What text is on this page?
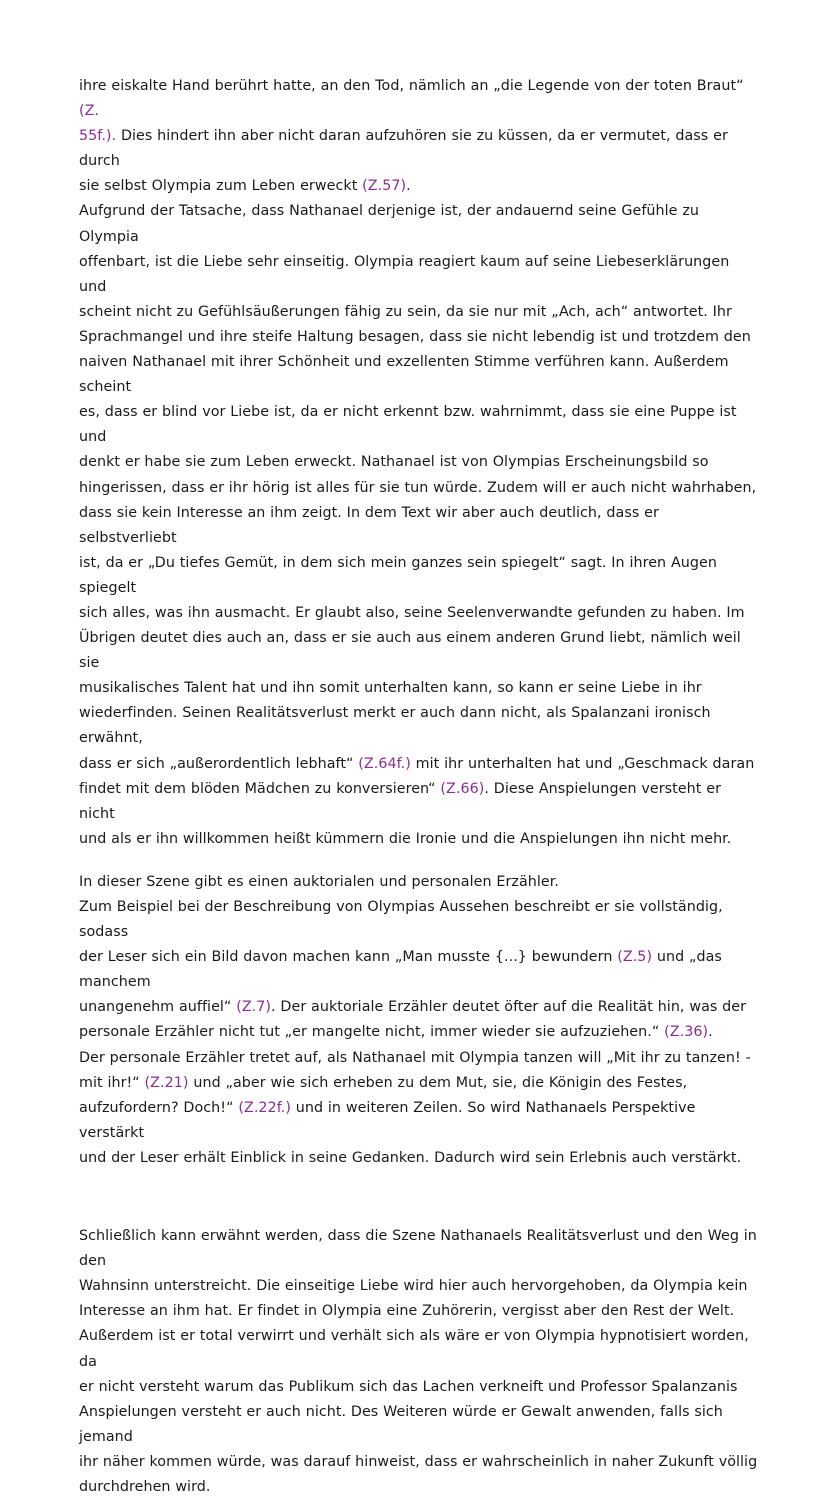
ihre eiskalte Hand berührt hatte, an den Tod, nämlich an „die Legende von der toten Braut“ (Z.
55f.). Dies hindert ihn aber nicht daran aufzuhören sie zu küssen, da er vermutet, dass er durch
sie selbst Olympia zum Leben erweckt (Z.57).
Aufgrund der Tatsache, dass Nathanael derjenige ist, der andauernd seine Gefühle zu Olympia
offenbart, ist die Liebe sehr einseitig. Olympia reagiert kaum auf seine Liebeserklärungen und
scheint nicht zu Gefühlsäußerungen fähig zu sein, da sie nur mit „Ach, ach“ antwortet. Ihr
Sprachmangel und ihre steife Haltung besagen, dass sie nicht lebendig ist und trotzdem den
naiven Nathanael mit ihrer Schönheit und exzellenten Stimme verführen kann. Außerdem scheint
es, dass er blind vor Liebe ist, da er nicht erkennt bzw. wahrnimmt, dass sie eine Puppe ist und
denkt er habe sie zum Leben erweckt. Nathanael ist von Olympias Erscheinungsbild so
hingerissen, dass er ihr hörig ist alles für sie tun würde. Zudem will er auch nicht wahrhaben,
dass sie kein Interesse an ihm zeigt. In dem Text wir aber auch deutlich, dass er selbstverliebt
ist, da er „Du tiefes Gemüt, in dem sich mein ganzes sein spiegelt“ sagt. In ihren Augen spiegelt
sich alles, was ihn ausmacht. Er glaubt also, seine Seelenverwandte gefunden zu haben. Im
Übrigen deutet dies auch an, dass er sie auch aus einem anderen Grund liebt, nämlich weil sie
musikalisches Talent hat und ihn somit unterhalten kann, so kann er seine Liebe in ihr
wiederfinden. Seinen Realitätsverlust merkt er auch dann nicht, als Spalanzani ironisch erwähnt,
dass er sich „außerordentlich lebhaft“ (Z.64f.) mit ihr unterhalten hat und „Geschmack daran
findet mit dem blöden Mädchen zu konversieren“ (Z.66). Diese Anspielungen versteht er nicht
und als er ihn willkommen heißt kümmern die Ironie und die Anspielungen ihn nicht mehr.

In dieser Szene gibt es einen auktorialen und personalen Erzähler.
Zum Beispiel bei der Beschreibung von Olympias Aussehen beschreibt er sie vollständig, sodass
der Leser sich ein Bild davon machen kann „Man musste {...} bewundern (Z.5) und „das manchem
unangenehm auffiel“ (Z.7). Der auktoriale Erzähler deutet öfter auf die Realität hin, was der
personale Erzähler nicht tut „er mangelte nicht, immer wieder sie aufzuziehen.“ (Z.36).
Der personale Erzähler tretet auf, als Nathanael mit Olympia tanzen will „Mit ihr zu tanzen! -
mit ihr!“ (Z.21) und „aber wie sich erheben zu dem Mut, sie, die Königin des Festes,
aufzufordern? Doch!“ (Z.22f.) und in weiteren Zeilen. So wird Nathanaels Perspektive verstärkt
und der Leser erhält Einblick in seine Gedanken. Dadurch wird sein Erlebnis auch verstärkt.

Schließlich kann erwähnt werden, dass die Szene Nathanaels Realitätsverlust und den Weg in den
Wahnsinn unterstreicht. Die einseitige Liebe wird hier auch hervorgehoben, da Olympia kein
Interesse an ihm hat. Er findet in Olympia eine Zuhörerin, vergisst aber den Rest der Welt.
Außerdem ist er total verwirrt und verhält sich als wäre er von Olympia hypnotisiert worden, da
er nicht versteht warum das Publikum sich das Lachen verkneift und Professor Spalanzanis
Anspielungen versteht er auch nicht. Des Weiteren würde er Gewalt anwenden, falls sich jemand
ihr näher kommen würde, was darauf hinweist, dass er wahrscheinlich in naher Zukunft völlig
durchdrehen wird.
